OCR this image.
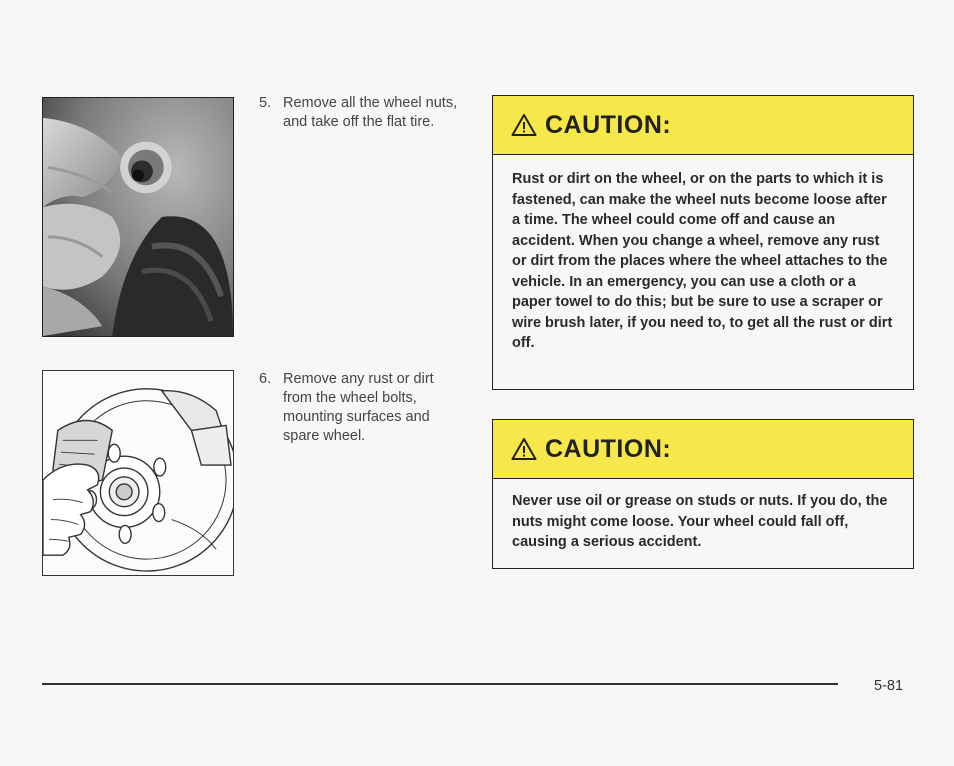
5. Remove all the wheel nuts, and take off the flat tire.
6. Remove any rust or dirt from the wheel bolts, mounting surfaces and spare wheel.
CAUTION:
Rust or dirt on the wheel, or on the parts to which it is fastened, can make the wheel nuts become loose after a time. The wheel could come off and cause an accident. When you change a wheel, remove any rust or dirt from the places where the wheel attaches to the vehicle. In an emergency, you can use a cloth or a paper towel to do this; but be sure to use a scraper or wire brush later, if you need to, to get all the rust or dirt off.
CAUTION:
Never use oil or grease on studs or nuts. If you do, the nuts might come loose. Your wheel could fall off, causing a serious accident.
5-81
